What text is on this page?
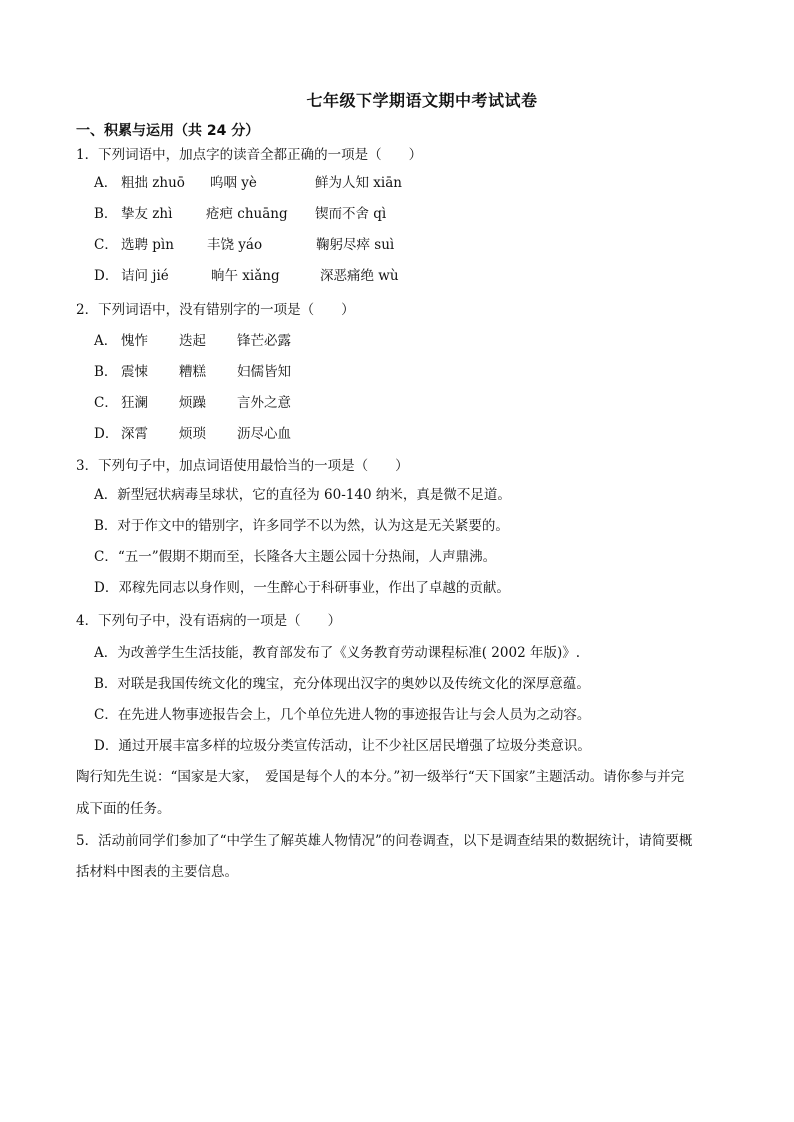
七年级下学期语文期中考试试卷
一、积累与运用（共 24 分）
1．下列词语中，加点字的读音全都正确的一项是（　　）
A． 粗拙 zhuō 呜咽 yè	鲜为人知 xiān
B． 挚友 zhì 疮疤 chuāng 锲而不舍 qì
C． 选聘 pìn 丰饶 yáo	鞠躬尽瘁 suì
D． 诘问 jié	晌午 xiǎng	深恶痛绝 wù
2．下列词语中，没有错别字的一项是（　　）
A． 愧怍 迭起 锋芒必露
B． 震悚 糟糕 妇儒皆知
C． 狂澜 烦躁 言外之意
D． 深霄 烦琐 沥尽心血
3．下列句子中，加点词语使用最恰当的一项是（　　）
A．新型冠状病毒呈球状，它的直径为 60-140 纳米，真是微不足道。
B．对于作文中的错别字，许多同学不以为然，认为这是无关紧要的。
C．“五一”假期不期而至，长隆各大主题公园十分热闹，人声鼎沸。
D．邓稼先同志以身作则，一生醉心于科研事业，作出了卓越的贡献。
4．下列句子中，没有语病的一项是（　　）
A．为改善学生生活技能，教育部发布了《义务教育劳动课程标准( 2002 年版)》.
B．对联是我国传统文化的瑰宝，充分体现出汉字的奥妙以及传统文化的深厚意蕴。
C．在先进人物事迹报告会上，几个单位先进人物的事迹报告让与会人员为之动容。
D．通过开展丰富多样的垃圾分类宣传活动，让不少社区居民增强了垃圾分类意识。
陶行知先生说：“国家是大家，　爱国是每个人的本分。”初一级举行“天下国家”主题活动。请你参与并完
成下面的任务。
5．活动前同学们参加了“中学生了解英雄人物情况”的问卷调查，以下是调查结果的数据统计，请简要概
括材料中图表的主要信息。
